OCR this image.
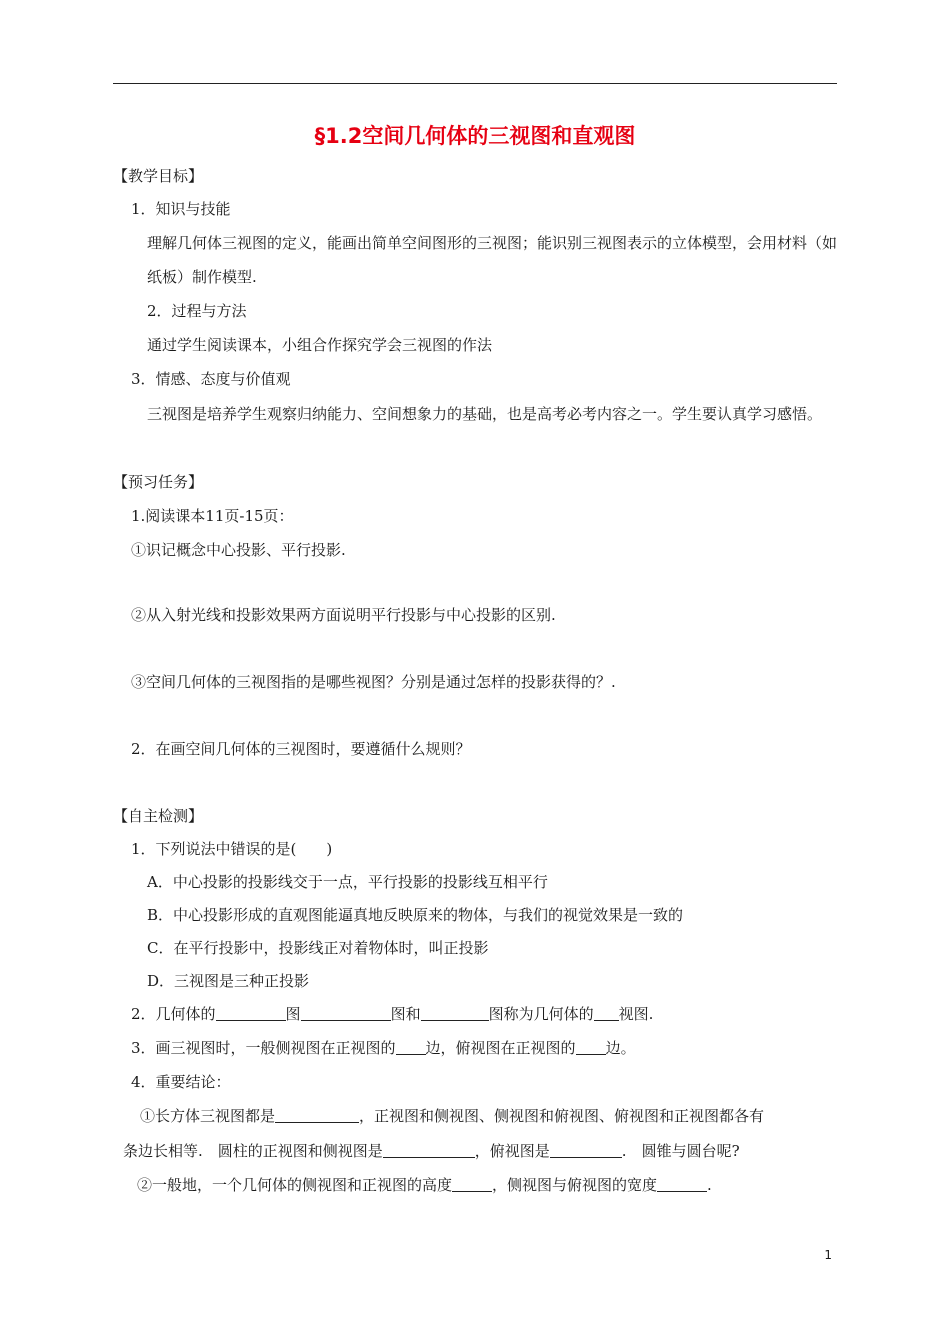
§1.2空间几何体的三视图和直观图
【教学目标】
1．知识与技能
理解几何体三视图的定义，能画出简单空间图形的三视图；能识别三视图表示的立体模型，会用材料（如纸板）制作模型.
2．过程与方法
通过学生阅读课本，小组合作探究学会三视图的作法
3．情感、态度与价值观
三视图是培养学生观察归纳能力、空间想象力的基础，也是高考必考内容之一。学生要认真学习感悟。
【预习任务】
1.阅读课本11页-15页：
①识记概念中心投影、平行投影.
②从入射光线和投影效果两方面说明平行投影与中心投影的区别.
③空间几何体的三视图指的是哪些视图？分别是通过怎样的投影获得的？.
2．在画空间几何体的三视图时，要遵循什么规则？
【自主检测】
1．下列说法中错误的是(　　)
A．中心投影的投影线交于一点，平行投影的投影线互相平行
B．中心投影形成的直观图能逼真地反映原来的物体，与我们的视觉效果是一致的
C．在平行投影中，投影线正对着物体时，叫正投影
D．三视图是三种正投影
2．几何体的	图	图和	图称为几何体的 视图.
3．画三视图时，一般侧视图在正视图的 边，俯视图在正视图的 边。
4．重要结论：
①长方体三视图都是	，正视图和侧视图、侧视图和俯视图、俯视图和正视图都各有
条边长相等.　圆柱的正视图和侧视图是	，俯视图是	.　圆锥与圆台呢?
②一般地，一个几何体的侧视图和正视图的高度	，侧视图与俯视图的宽度	.
1
